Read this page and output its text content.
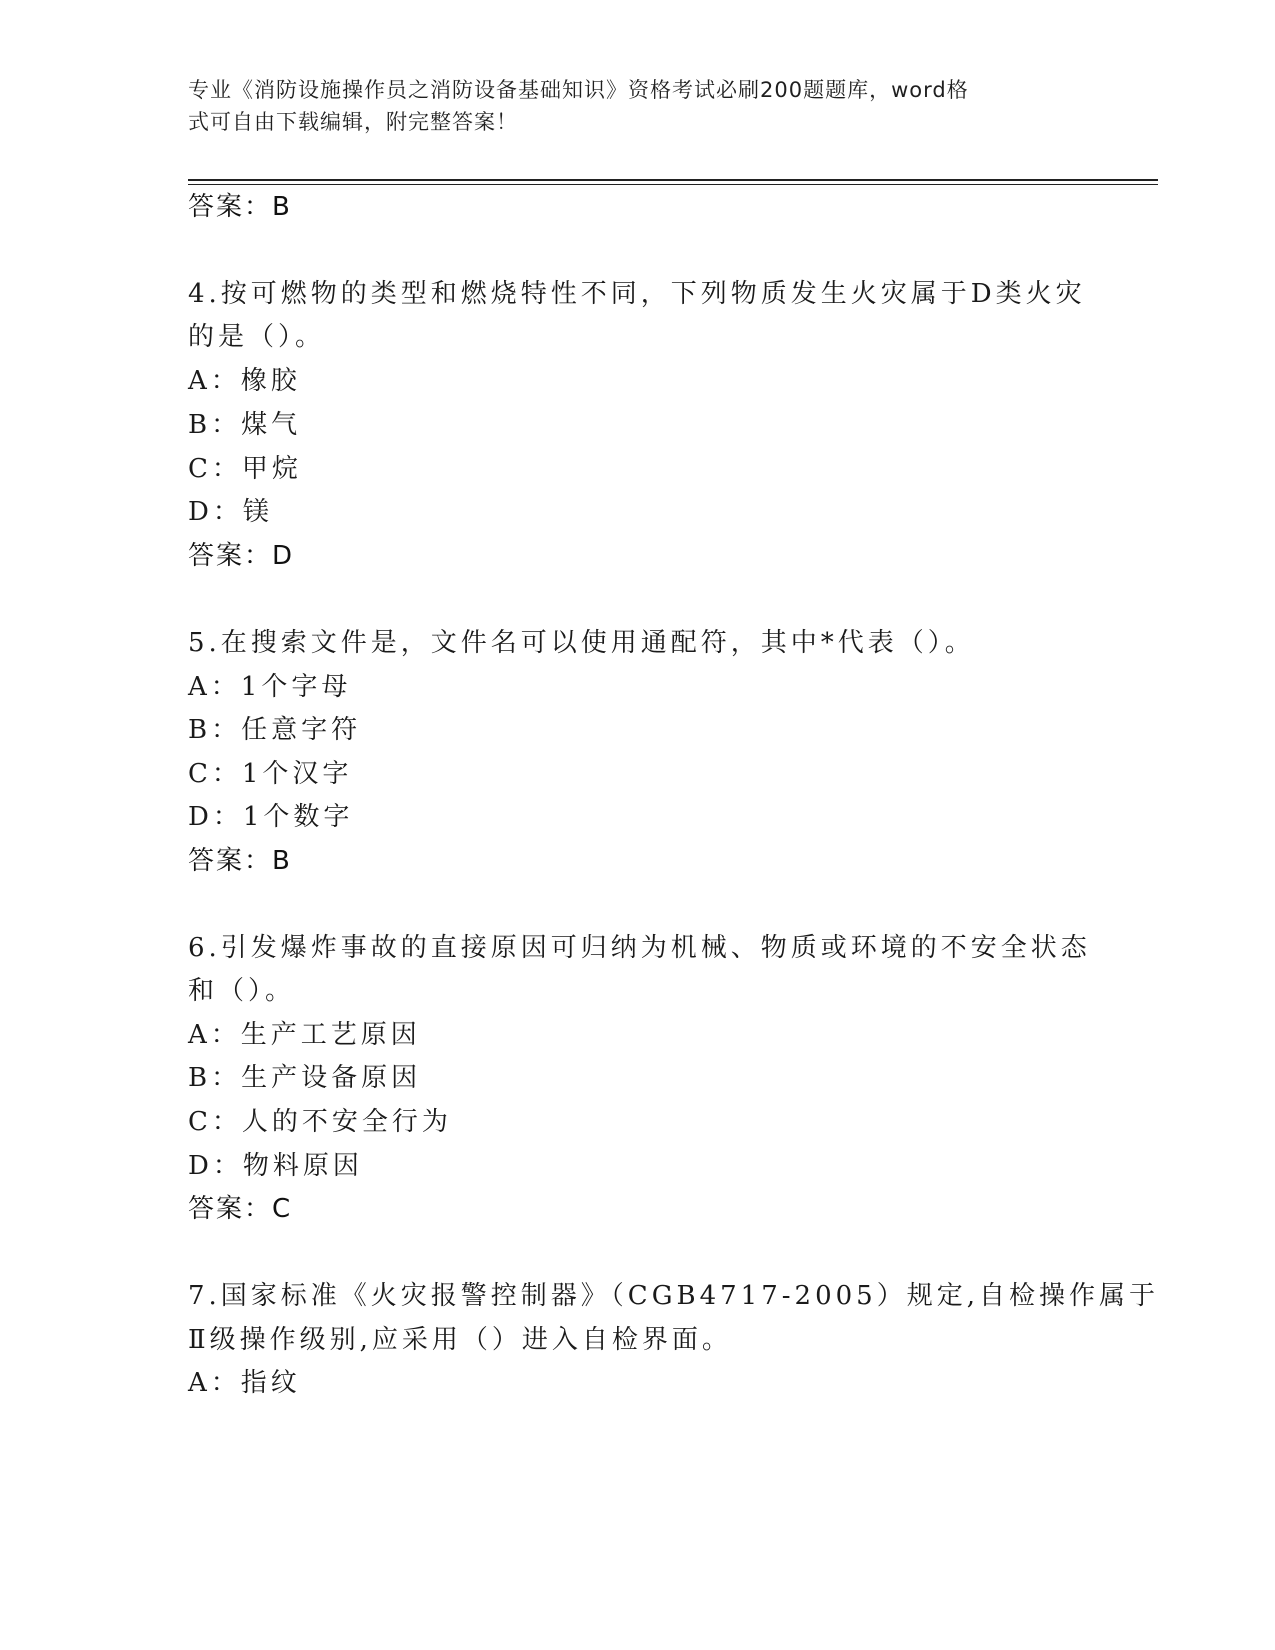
专业《消防设施操作员之消防设备基础知识》资格考试必刷200题题库，word格
式可自由下载编辑，附完整答案！
答案：B
4.按可燃物的类型和燃烧特性不同，下列物质发生火灾属于D类火灾
的是（）。
A：橡胶
B：煤气
C：甲烷
D：镁
答案：D
5.在搜索文件是，文件名可以使用通配符，其中*代表（）。
A：1个字母
B：任意字符
C：1个汉字
D：1个数字
答案：B
6.引发爆炸事故的直接原因可归纳为机械、物质或环境的不安全状态
和（）。
A：生产工艺原因
B：生产设备原因
C：人的不安全行为
D：物料原因
答案：C
7.国家标准《火灾报警控制器》（CGB4717-2005）规定,自检操作属于
Ⅱ级操作级别,应采用（）进入自检界面。
A：指纹
